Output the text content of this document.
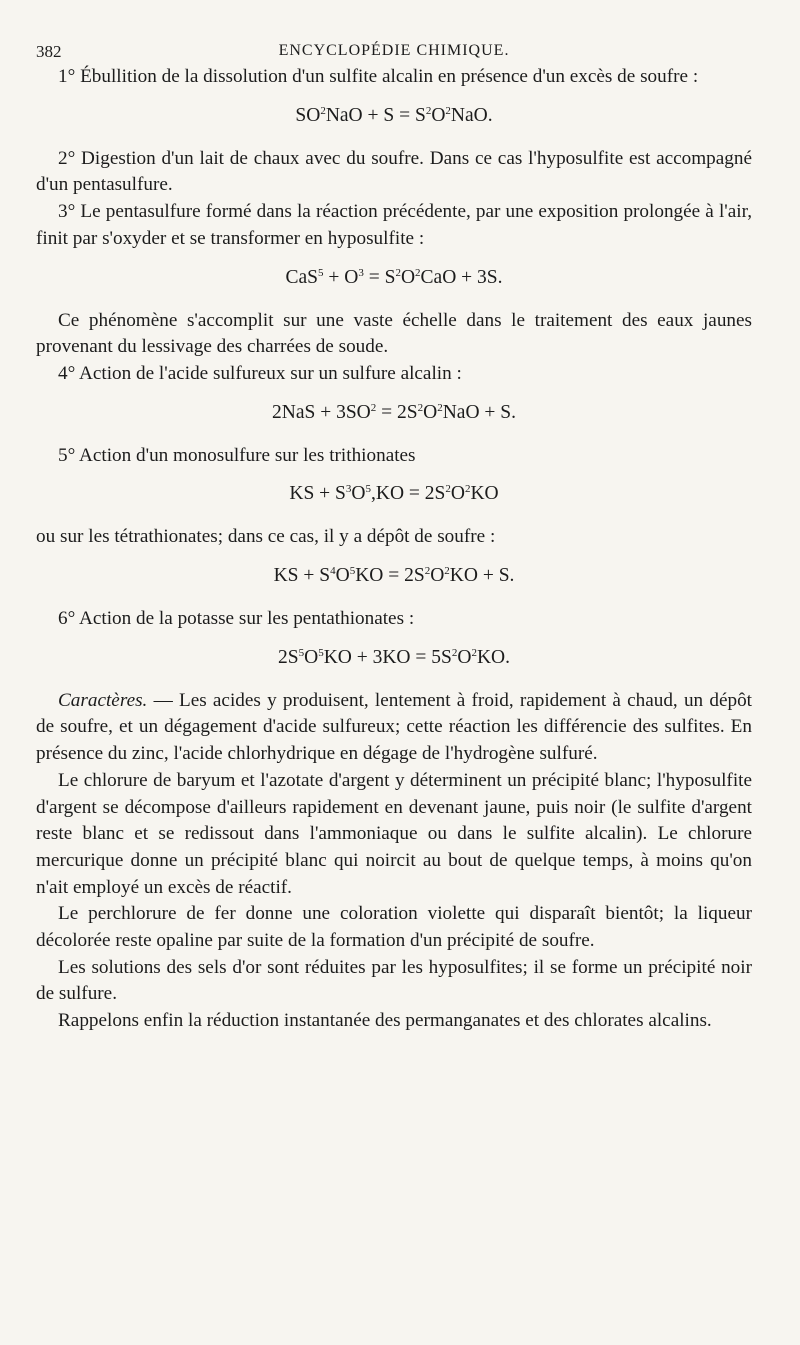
382	ENCYCLOPÉDIE CHIMIQUE.

1° Ébullition de la dissolution d'un sulfite alcalin en présence d'un excès de soufre :

$SO^2NaO + S = S^2O^2NaO$.

2° Digestion d'un lait de chaux avec du soufre. Dans ce cas l'hyposulfite est accompagné d'un pentasulfure.

3° Le pentasulfure formé dans la réaction précédente, par une exposition prolongée à l'air, finit par s'oxyder et se transformer en hyposulfite :

$CaS^5 + O^3 = S^2O^2CaO + 3S$.

Ce phénomène s'accomplit sur une vaste échelle dans le traitement des eaux jaunes provenant du lessivage des charrées de soude.

4° Action de l'acide sulfureux sur un sulfure alcalin :

$2NaS + 3SO^2 = 2S^2O^2NaO + S$.

5° Action d'un monosulfure sur les trithionates

KS + $S^3O^5,KO = 2S^2O^2KO$

ou sur les tétrathionates; dans ce cas, il y a dépôt de soufre :

KS + $S^4O^5KO = 2S^2O^2KO + S$.

6° Action de la potasse sur les pentathionates :

$2S^5O^5KO + 3KO = 5S^2O^2KO$.

Caractères. — Les acides y produisent, lentement à froid, rapidement à chaud, un dépôt de soufre, et un dégagement d'acide sulfureux; cette réaction les différencie des sulfites. En présence du zinc, l'acide chlorhydrique en dégage de l'hydrogène sulfuré.

Le chlorure de baryum et l'azotate d'argent y déterminent un précipité blanc; l'hyposulfite d'argent se décompose d'ailleurs rapidement en devenant jaune, puis noir (le sulfite d'argent reste blanc et se redissout dans l'ammoniaque ou dans le sulfite alcalin). Le chlorure mercurique donne un précipité blanc qui noircit au bout de quelque temps, à moins qu'on n'ait employé un excès de réactif.

Le perchlorure de fer donne une coloration violette qui disparaît bientôt; la liqueur décolorée reste opaline par suite de la formation d'un précipité de soufre.

Les solutions des sels d'or sont réduites par les hyposulfites; il se forme un précipité noir de sulfure.

Rappelons enfin la réduction instantanée des permanganates et des chlorates alcalins.
